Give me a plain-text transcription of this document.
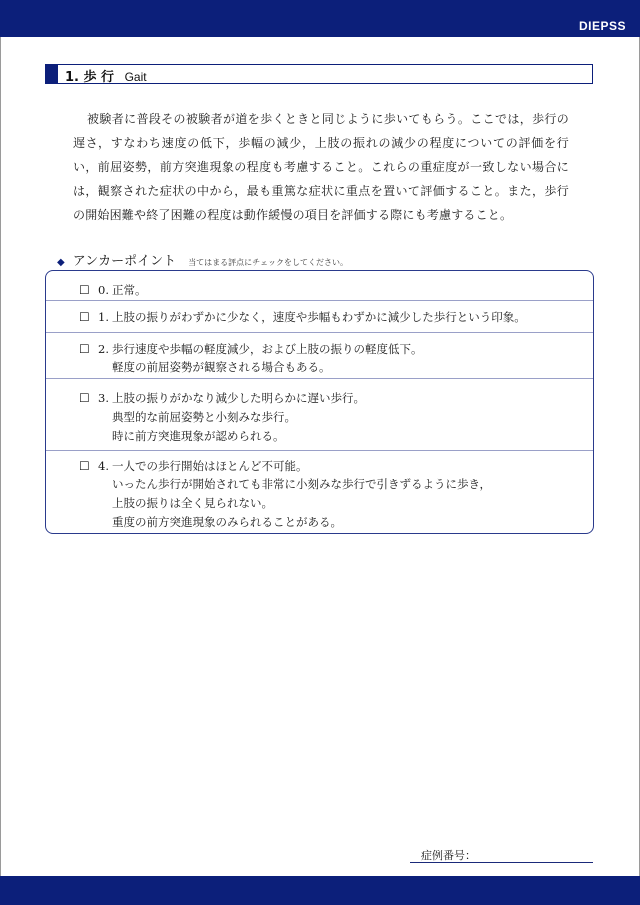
DIEPSS
1. 歩 行 Gait
被験者に普段その被験者が道を歩くときと同じように歩いてもらう。ここでは，歩行の遅さ，すなわち速度の低下，歩幅の減少，上肢の振れの減少の程度についての評価を行い，前屈姿勢，前方突進現象の程度も考慮すること。これらの重症度が一致しない場合には，観察された症状の中から，最も重篤な症状に重点を置いて評価すること。また，歩行の開始困難や終了困難の程度は動作緩慢の項目を評価する際にも考慮すること。
◆ アンカーポイント 当てはまる評点にチェックをしてください。
☐ 0. 正常。
☐ 1. 上肢の振りがわずかに少なく，速度や歩幅もわずかに減少した歩行という印象。
☐ 2. 歩行速度や歩幅の軽度減少，および上肢の振りの軽度低下。
軽度の前屈姿勢が観察される場合もある。
☐ 3. 上肢の振りがかなり減少した明らかに遅い歩行。
典型的な前屈姿勢と小刻みな歩行。
時に前方突進現象が認められる。
☐ 4. 一人での歩行開始はほとんど不可能。
いったん歩行が開始されても非常に小刻みな歩行で引きずるように歩き，
上肢の振りは全く見られない。
重度の前方突進現象のみられることがある。
症例番号：
